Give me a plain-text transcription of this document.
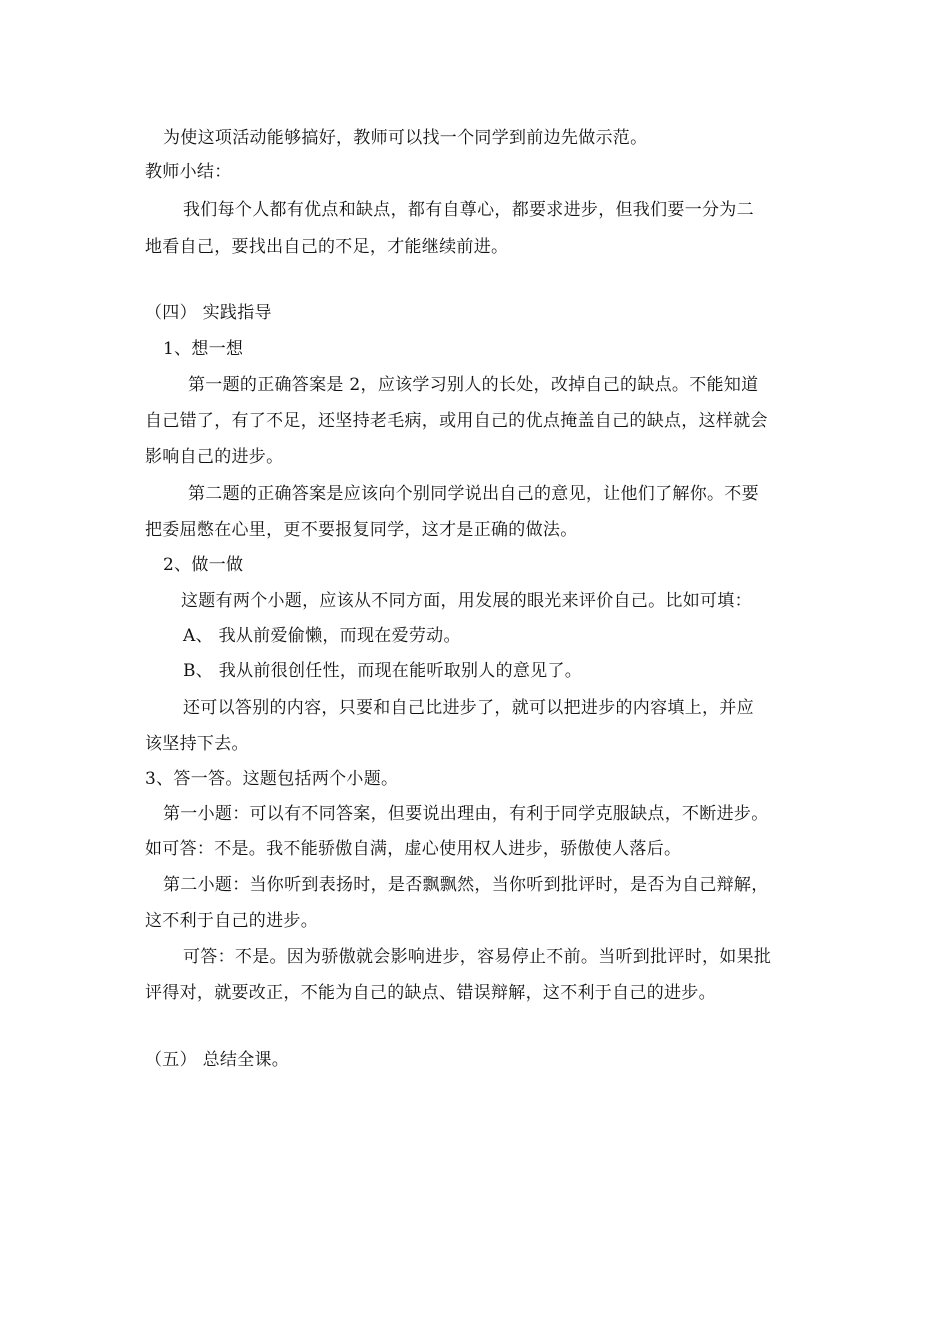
为使这项活动能够搞好，教师可以找一个同学到前边先做示范。
教师小结：
我们每个人都有优点和缺点，都有自尊心，都要求进步，但我们要一分为二
地看自己，要找出自己的不足，才能继续前进。
（四） 实践指导
1、想一想
第一题的正确答案是 2，应该学习别人的长处，改掉自己的缺点。不能知道
自己错了，有了不足，还坚持老毛病，或用自己的优点掩盖自己的缺点，这样就会
影响自己的进步。
第二题的正确答案是应该向个别同学说出自己的意见，让他们了解你。不要
把委屈憋在心里，更不要报复同学，这才是正确的做法。
2、做一做
这题有两个小题，应该从不同方面，用发展的眼光来评价自己。比如可填：
A、 我从前爱偷懒，而现在爱劳动。
B、 我从前很创任性，而现在能听取别人的意见了。
还可以答别的内容，只要和自己比进步了，就可以把进步的内容填上，并应
该坚持下去。
3、答一答。这题包括两个小题。
第一小题：可以有不同答案，但要说出理由，有利于同学克服缺点，不断进步。
如可答：不是。我不能骄傲自满，虚心使用权人进步，骄傲使人落后。
第二小题：当你听到表扬时，是否飘飘然，当你听到批评时，是否为自己辩解，
这不利于自己的进步。
可答：不是。因为骄傲就会影响进步，容易停止不前。当听到批评时，如果批
评得对，就要改正，不能为自己的缺点、错误辩解，这不利于自己的进步。
（五） 总结全课。
